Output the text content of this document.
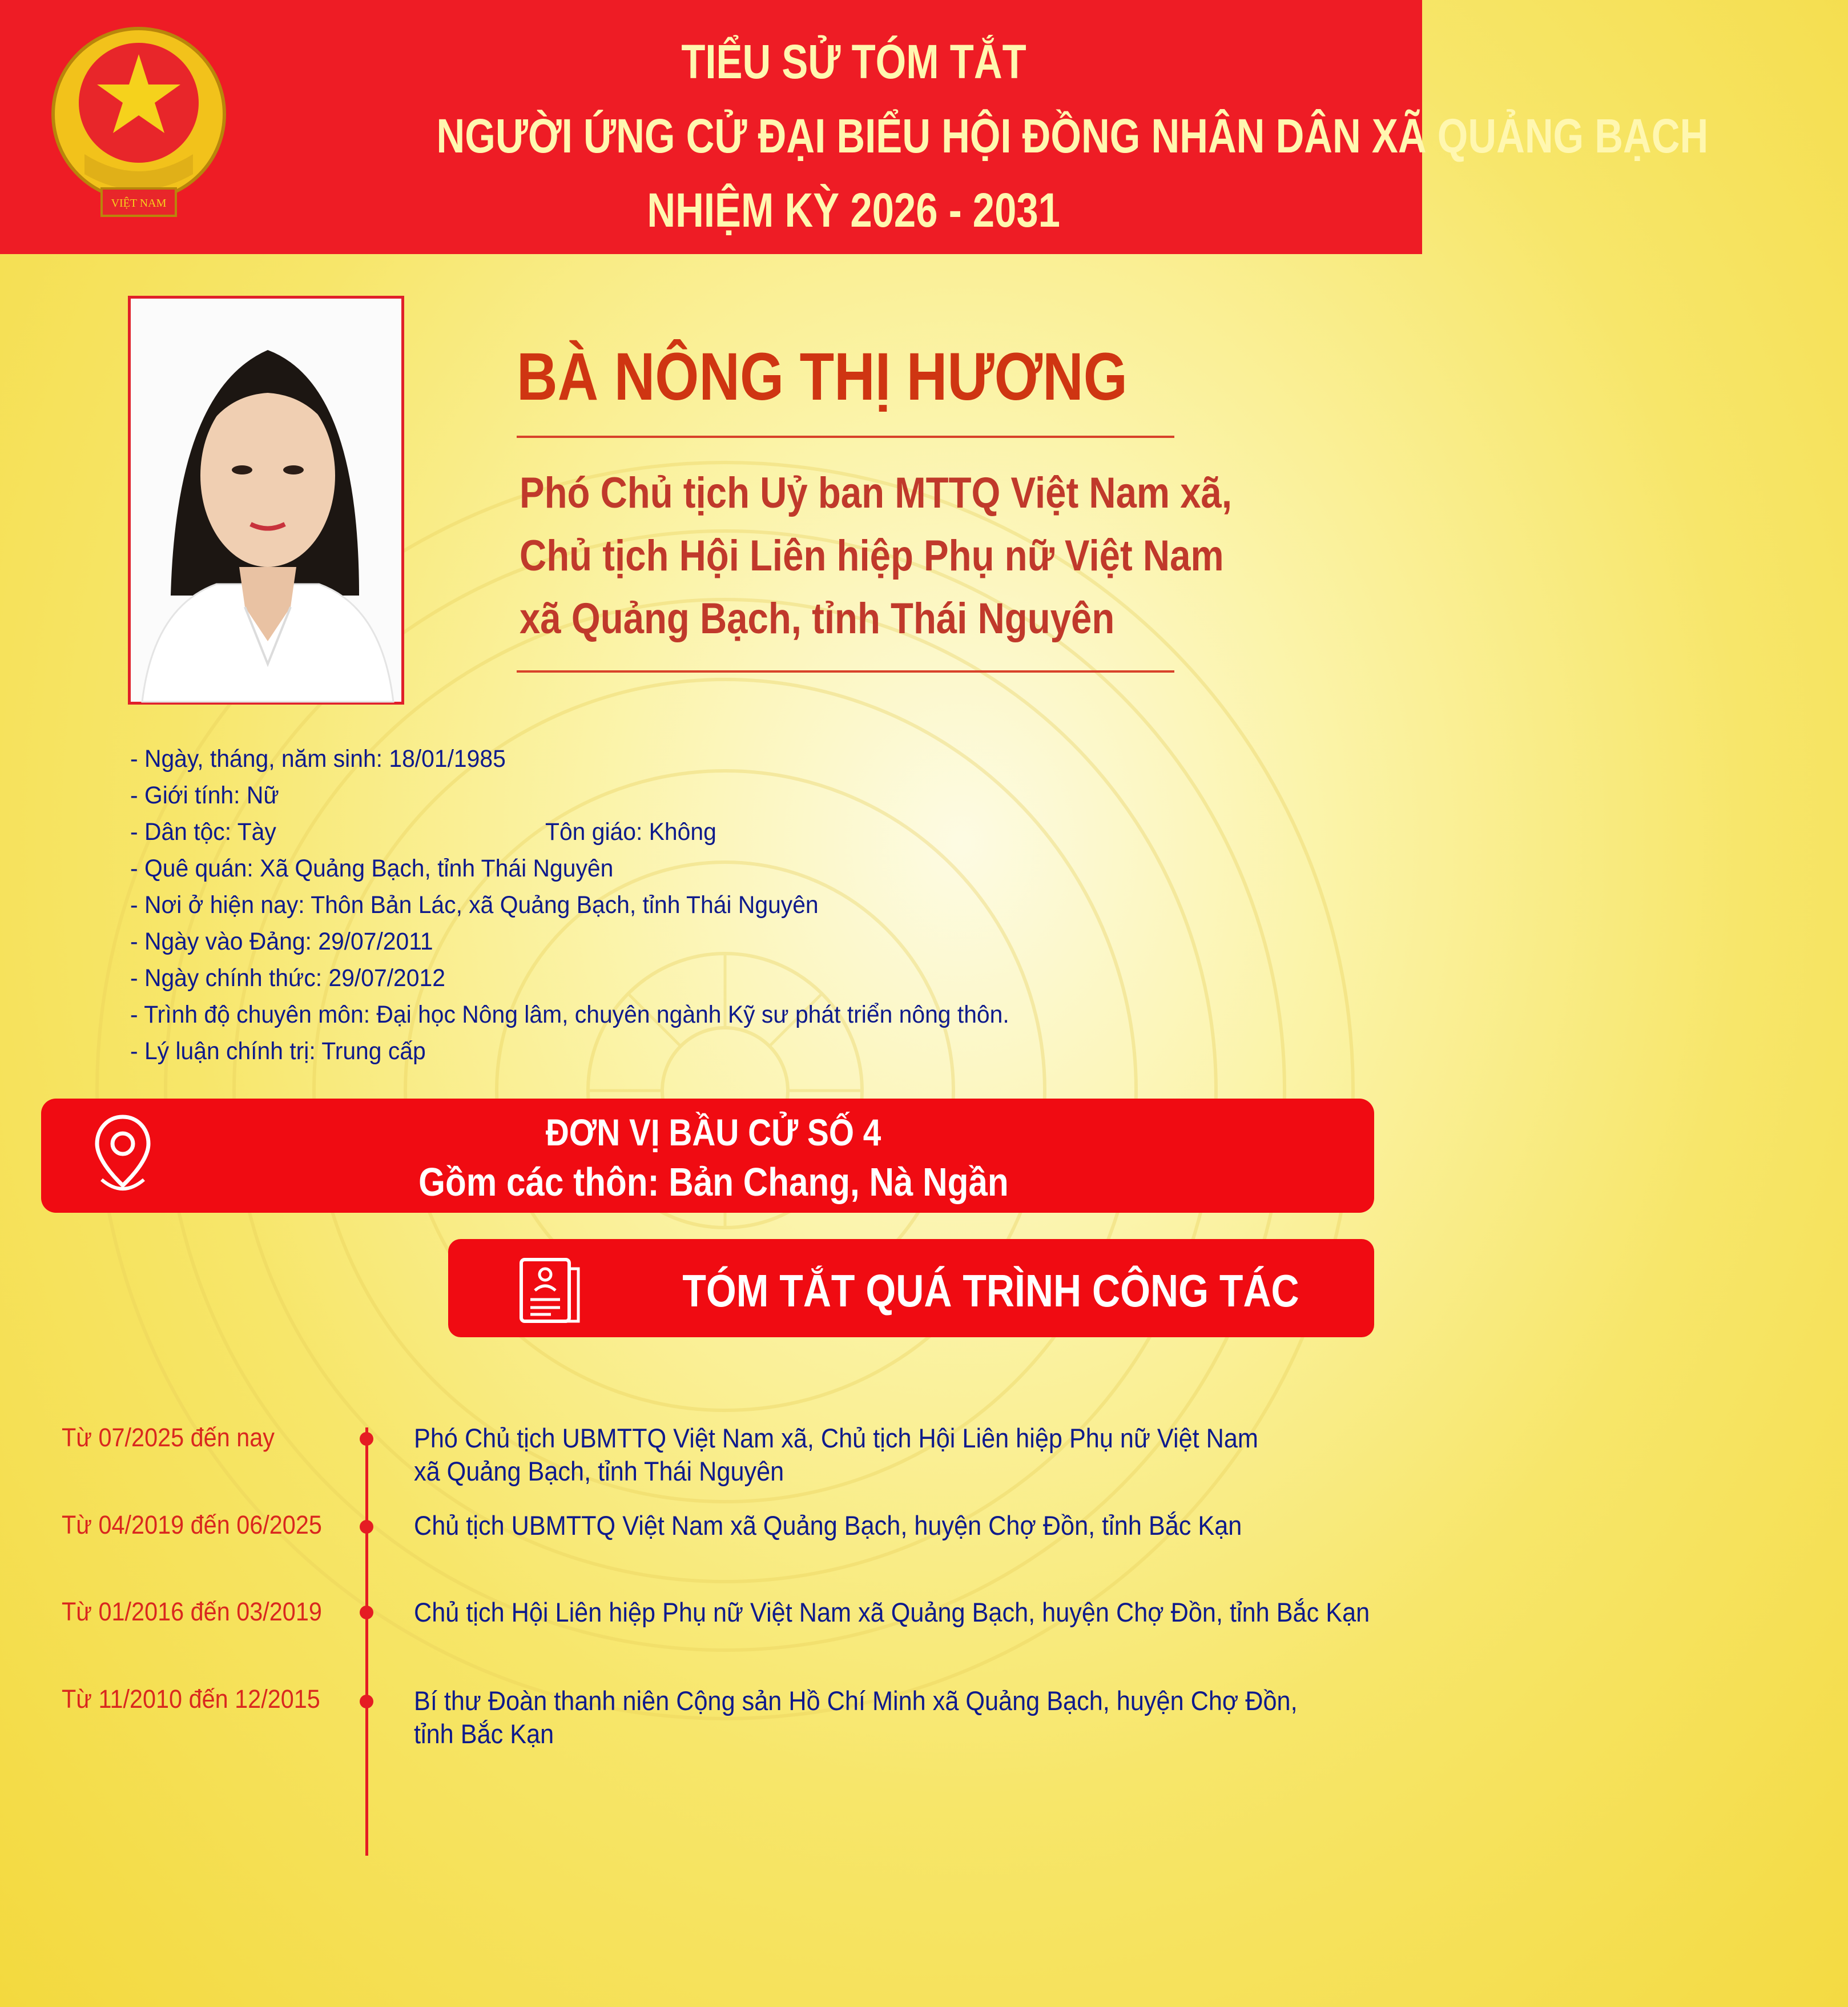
VIỆT NAM
TIỂU SỬ TÓM TẮT
NGƯỜI ỨNG CỬ ĐẠI BIỂU HỘI ĐỒNG NHÂN DÂN XÃ QUẢNG BẠCH
NHIỆM KỲ 2026 - 2031
BÀ NÔNG THỊ HƯƠNG
Phó Chủ tịch Uỷ ban MTTQ Việt Nam xã,
Chủ tịch Hội Liên hiệp Phụ nữ Việt Nam
xã Quảng Bạch, tỉnh Thái Nguyên
- Ngày, tháng, năm sinh: 18/01/1985
- Giới tính: Nữ
- Dân tộc: Tày	Tôn giáo: Không
- Quê quán: Xã Quảng Bạch, tỉnh Thái Nguyên
- Nơi ở hiện nay: Thôn Bản Lác, xã Quảng Bạch, tỉnh Thái Nguyên
- Ngày vào Đảng: 29/07/2011
- Ngày chính thức: 29/07/2012
- Trình độ chuyên môn: Đại học Nông lâm, chuyên ngành Kỹ sư phát triển nông thôn.
- Lý luận chính trị: Trung cấp
ĐƠN VỊ BẦU CỬ SỐ 4
Gồm các thôn: Bản Chang, Nà Ngần
TÓM TẮT QUÁ TRÌNH CÔNG TÁC
Từ 07/2025 đến nay	Phó Chủ tịch UBMTTQ Việt Nam xã, Chủ tịch Hội Liên hiệp Phụ nữ Việt Nam
xã Quảng Bạch, tỉnh Thái Nguyên
Từ 04/2019 đến 06/2025	Chủ tịch UBMTTQ Việt Nam xã Quảng Bạch, huyện Chợ Đồn, tỉnh Bắc Kạn
Từ 01/2016 đến 03/2019	Chủ tịch Hội Liên hiệp Phụ nữ Việt Nam xã Quảng Bạch, huyện Chợ Đồn, tỉnh Bắc Kạn
Từ 11/2010 đến 12/2015	Bí thư Đoàn thanh niên Cộng sản Hồ Chí Minh xã Quảng Bạch, huyện Chợ Đồn,
tỉnh Bắc Kạn
